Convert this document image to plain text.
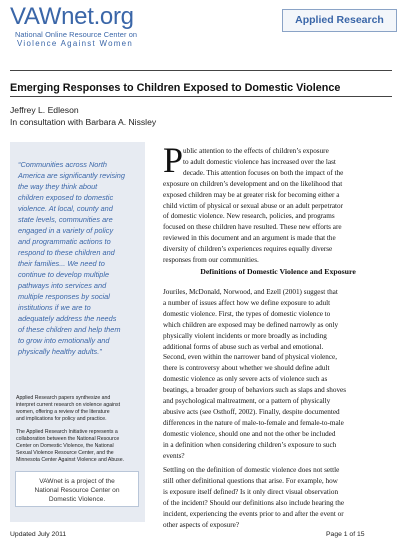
VAWnet.org
National Online Resource Center on
Violence Against Women
Applied Research
Emerging Responses to Children Exposed to Domestic Violence
Jeffrey L. Edleson
In consultation with Barbara A. Nissley
“Communities across North
America are significantly revising
the way they think about
children exposed to domestic
violence. At local, county and
state levels, communities are
engaged in a variety of policy
and programmatic actions to
respond to these children and
their families... We need to
continue to develop multiple
pathways into services and
multiple responses by social
institutions if we are to
adequately address the needs
of these children and help them
to grow into emotionally and
physically healthy adults.”
Applied Research papers synthesize and
interpret current research on violence against
women, offering a review of the literature
and implications for policy and practice.
The Applied Research Initiative represents a
collaboration between the National Resource
Center on Domestic Violence, the National
Sexual Violence Resource Center, and the
Minnesota Center Against Violence and Abuse.
VAWnet is a project of the
National Resource Center on
Domestic Violence.
P ublic attention to the effects of children’s exposure
to adult domestic violence has increased over the last
decade. This attention focuses on both the impact of the
exposure on children’s development and on the likelihood that
exposed children may be at greater risk for becoming either a
child victim of physical or sexual abuse or an adult perpetrator
of domestic violence. New research, policies, and programs
focused on these children have resulted. These new efforts are
reviewed in this document and an argument is made that the
diversity of children’s experiences requires equally diverse
responses from our communities.
Definitions of Domestic Violence and Exposure
Jouriles, McDonald, Norwood, and Ezell (2001) suggest that
a number of issues affect how we define exposure to adult
domestic violence. First, the types of domestic violence to
which children are exposed may be defined narrowly as only
physically violent incidents or more broadly as including
additional forms of abuse such as verbal and emotional.
Second, even within the narrower band of physical violence,
there is controversy about whether we should define adult
domestic violence as only severe acts of violence such as
beatings, a broader group of behaviors such as slaps and shoves
and psychological maltreatment, or a pattern of physically
abusive acts (see Osthoff, 2002). Finally, despite documented
differences in the nature of male-to-female and female-to-male
domestic violence, should one and not the other be included
in a definition when considering children’s exposure to such
events?
Settling on the definition of domestic violence does not settle
still other definitional questions that arise. For example, how
is exposure itself defined? Is it only direct visual observation
of the incident? Should our definitions also include hearing the
incident, experiencing the events prior to and after the event or
other aspects of exposure?
Updated July 2011	Page 1 of 15
